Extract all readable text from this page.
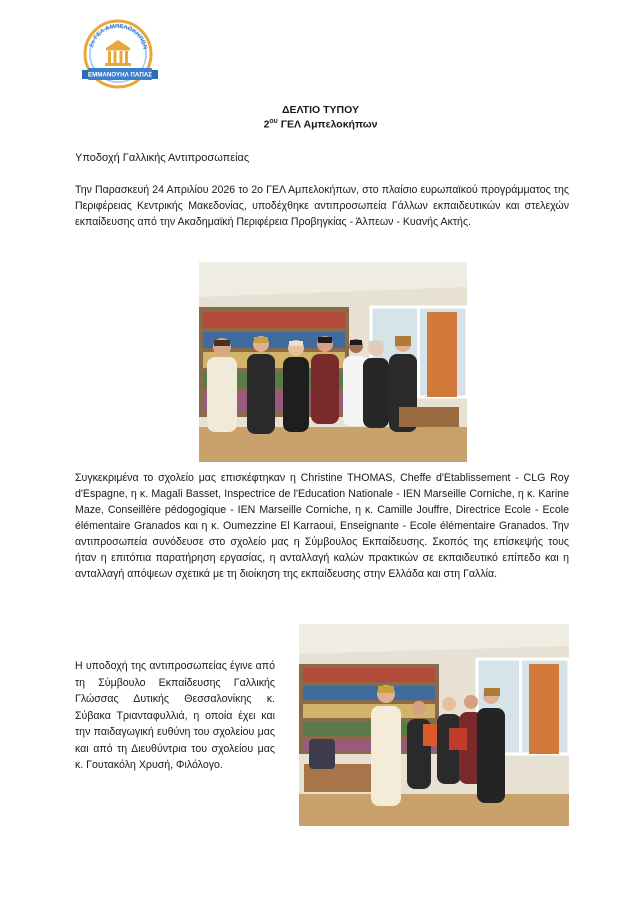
2ο ΓΕΛ ΑΜΠΕΛΟΚΗΠΩΝ
ΕΜΜΑΝΟΥΗΛ ΠΑΠΑΣ
ΔΕΛΤΙΟ ΤΥΠΟΥ
$2^{o\upsilon}$ ΓΕΛ Αμπελοκήπων
Υποδοχή Γαλλικής Αντιπροσωπείας
Την Παρασκευή 24 Απριλίου 2026 το 2ο ΓΕΛ Αμπελοκήπων, στο πλαίσιο ευρωπαϊκού προγράμματος της Περιφέρειας Κεντρικής Μακεδονίας, υποδέχθηκε αντιπροσωπεία Γάλλων εκπαιδευτικών και στελεχών εκπαίδευσης από την Ακαδημαϊκή Περιφέρεια Προβηγκίας - Άλπεων - Κυανής Ακτής.
Συγκεκριμένα το σχολείο μας επισκέφτηκαν η Christine THOMAS, Cheffe d'Etablissement - CLG Roy d'Espagne, η κ. Magali Basset, Inspectrice de l'Education Nationale - IEN Marseille Corniche, η κ. Karine Maze, Conseillère pédogogique - IEN Marseille Corniche, η κ. Camille Jouffre, Directrice Ecole - Ecole élémentaire Granados και η κ. Oumezzine El Karraoui, Enseignante - Ecole élémentaire Granados. Την αντιπροσωπεία συνόδευσε στο σχολείο μας η Σύμβουλος Εκπαίδευσης. Σκοπός της επίσκεψής τους ήταν η επιτόπια παρατήρηση εργασίας, η ανταλλαγή καλών πρακτικών σε εκπαιδευτικό επίπεδο και η ανταλλαγή απόψεων σχετικά με τη διοίκηση της εκπαίδευσης στην Ελλάδα και στη Γαλλία.
Η υποδοχή της αντιπροσωπείας έγινε από τη Σύμβουλο Εκπαίδευσης Γαλλικής Γλώσσας Δυτικής Θεσσαλονίκης κ. Σύβακα Τριανταφυλλιά, η οποία έχει και την παιδαγωγική ευθύνη του σχολείου μας και από τη Διευθύντρια του σχολείου μας κ. Γουτακόλη Χρυσή, Φιλόλογο.
